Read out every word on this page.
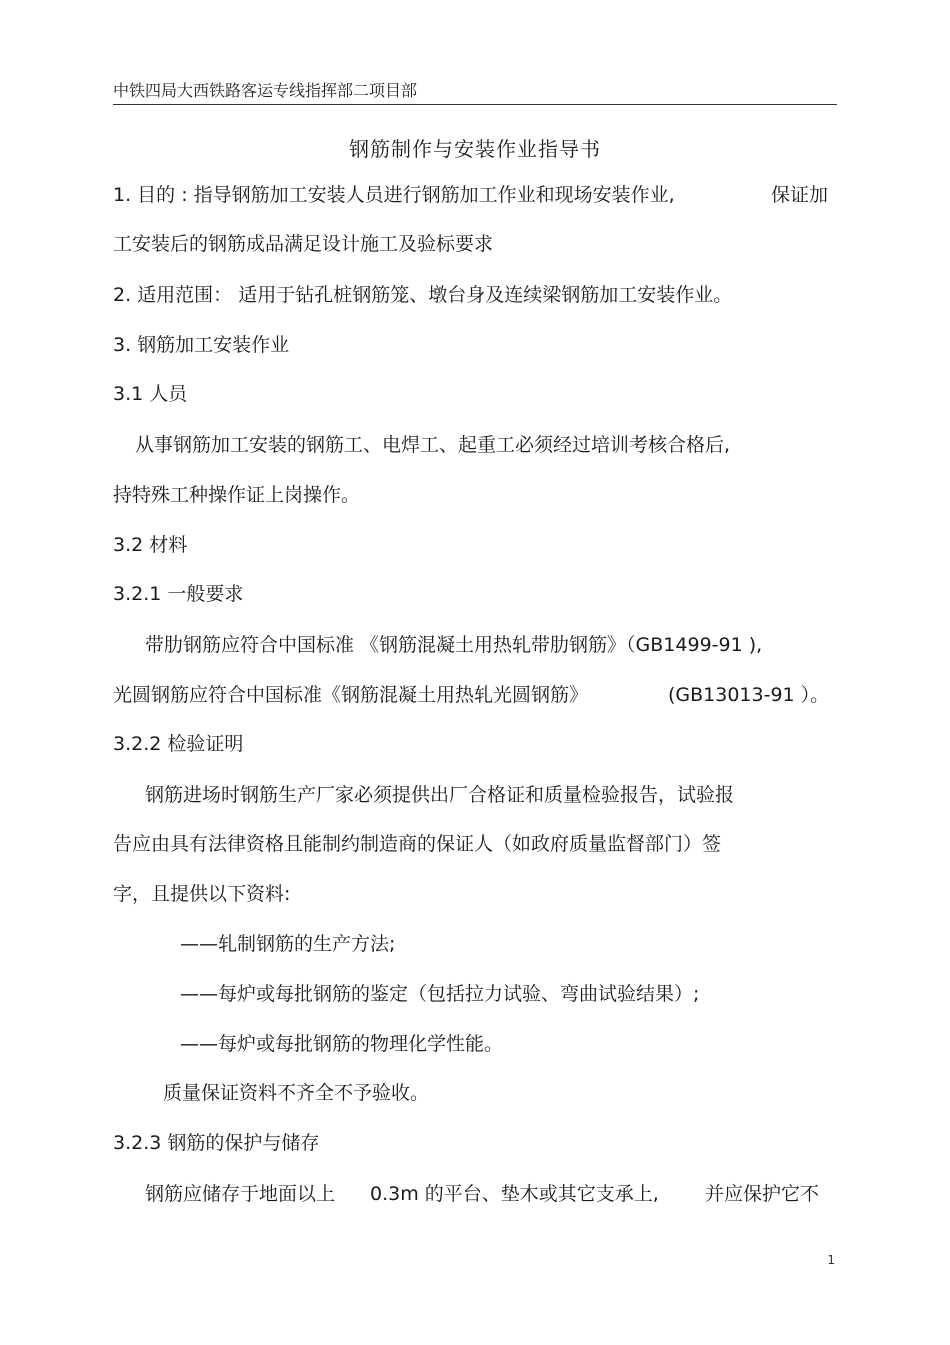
中铁四局大西铁路客运专线指挥部二项目部
钢筋制作与安装作业指导书
1. 目的 : 指导钢筋加工安装人员进行钢筋加工作业和现场安装作业,	保证加
工安装后的钢筋成品满足设计施工及验标要求
2. 适用范围： 适用于钻孔桩钢筋笼、墩台身及连续梁钢筋加工安装作业。
3. 钢筋加工安装作业
3.1 人员
从事钢筋加工安装的钢筋工、电焊工、起重工必须经过培训考核合格后,
持特殊工种操作证上岗操作。
3.2 材料
3.2.1 一般要求
带肋钢筋应符合中国标准 《钢筋混凝土用热轧带肋钢筋》（GB1499-91 ),
光圆钢筋应符合中国标准《钢筋混凝土用热轧光圆钢筋》	(GB13013-91 ）。
3.2.2 检验证明
钢筋进场时钢筋生产厂家必须提供出厂合格证和质量检验报告，试验报
告应由具有法律资格且能制约制造商的保证人（如政府质量监督部门）签
字，且提供以下资料:
——轧制钢筋的生产方法;
——每炉或每批钢筋的鉴定（包括拉力试验、弯曲试验结果）;
——每炉或每批钢筋的物理化学性能。
质量保证资料不齐全不予验收。
3.2.3 钢筋的保护与储存
钢筋应储存于地面以上 0.3m 的平台、垫木或其它支承上, 并应保护它不
1
